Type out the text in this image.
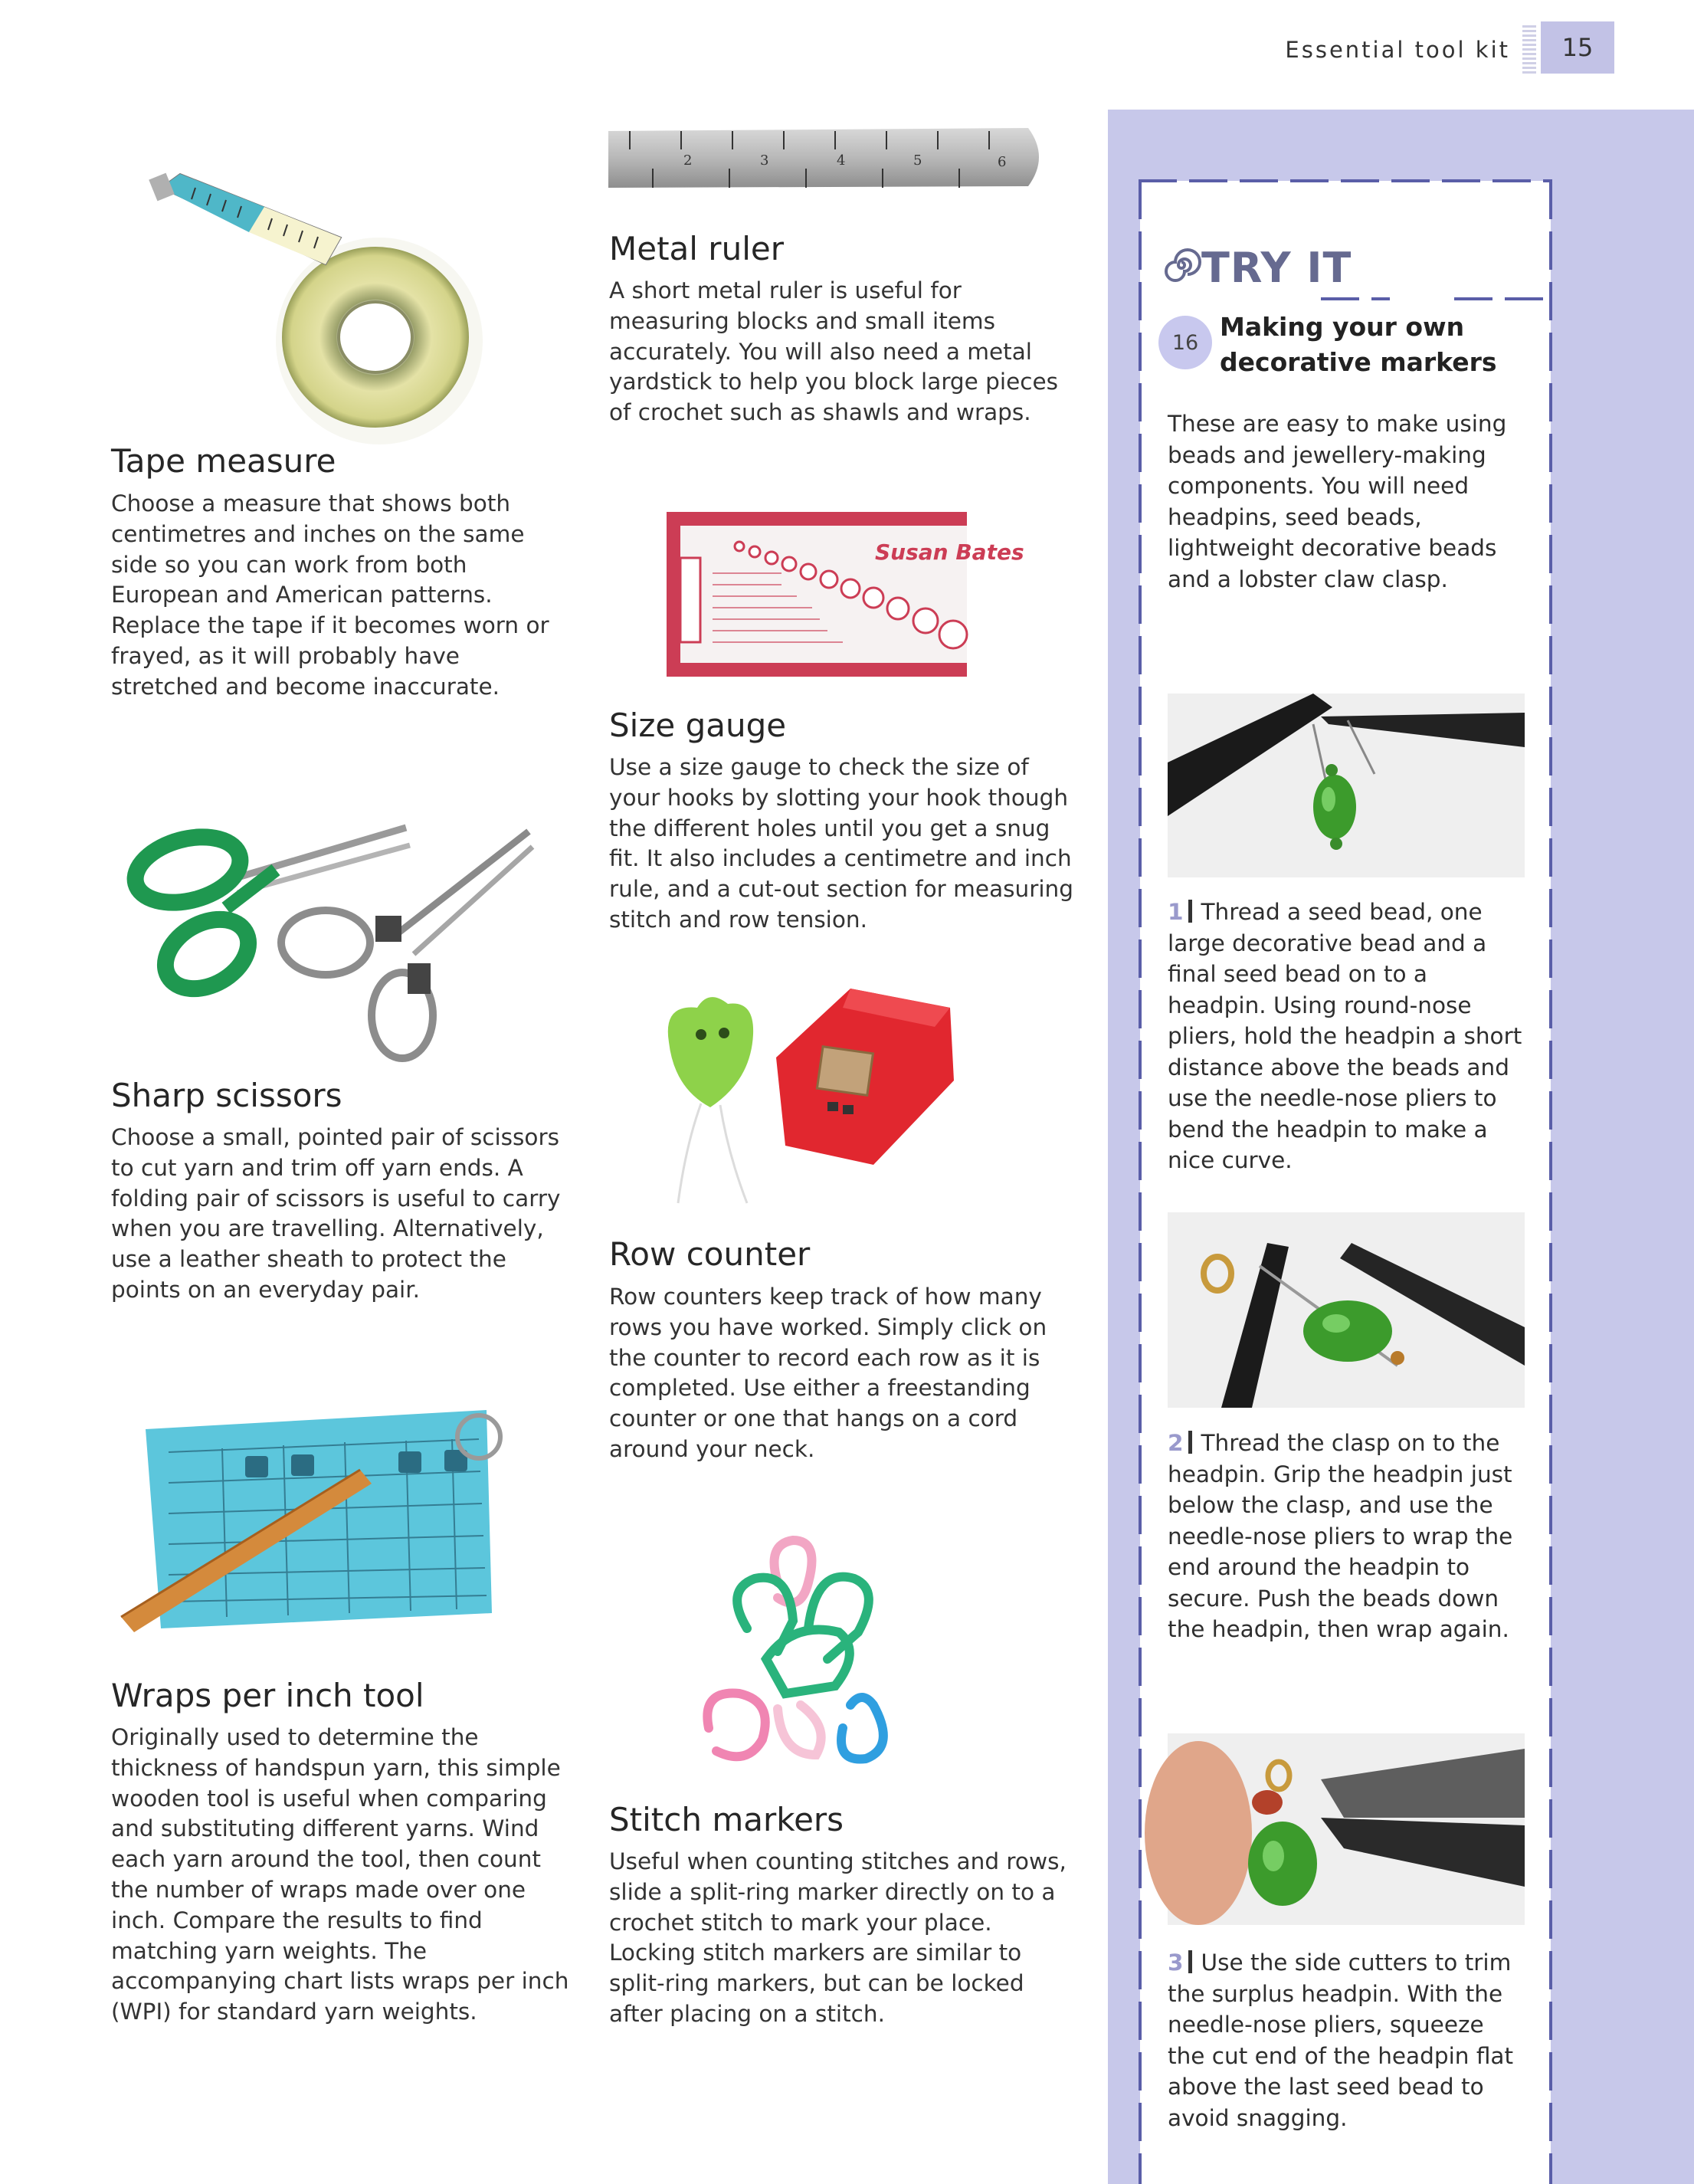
Essential tool kit	15
Tape measure

Choose a measure that shows both centimetres and inches on the same side so you can work from both European and American patterns. Replace the tape if it becomes worn or frayed, as it will probably have stretched and become inaccurate.

Sharp scissors

Choose a small, pointed pair of scissors to cut yarn and trim off yarn ends. A folding pair of scissors is useful to carry when you are travelling. Alternatively, use a leather sheath to protect the points on an everyday pair.

Wraps per inch tool

Originally used to determine the thickness of handspun yarn, this simple wooden tool is useful when comparing and substituting different yarns. Wind each yarn around the tool, then count the number of wraps made over one inch. Compare the results to find matching yarn weights. The accompanying chart lists wraps per inch (WPI) for standard yarn weights.

2	3	4	5	6
Metal ruler

A short metal ruler is useful for measuring blocks and small items accurately. You will also need a metal yardstick to help you block large pieces of crochet such as shawls and wraps.

Susan Bates
Size gauge

Use a size gauge to check the size of your hooks by slotting your hook though the different holes until you get a snug fit. It also includes a centimetre and inch rule, and a cut-out section for measuring stitch and row tension.

Row counter

Row counters keep track of how many rows you have worked. Simply click on the counter to record each row as it is completed. Use either a freestanding counter or one that hangs on a cord around your neck.

Stitch markers

Useful when counting stitches and rows, slide a split-ring marker directly on to a crochet stitch to mark your place. Locking stitch markers are similar to split-ring markers, but can be locked after placing on a stitch.

TRY IT
16
Making your own decorative markers

These are easy to make using beads and jewellery-making components. You will need headpins, seed beads, lightweight decorative beads and a lobster claw clasp.

1 Thread a seed bead, one large decorative bead and a final seed bead on to a headpin. Using round-nose pliers, hold the headpin a short distance above the beads and use the needle-nose pliers to bend the headpin to make a nice curve.

2 Thread the clasp on to the headpin. Grip the headpin just below the clasp, and use the needle-nose pliers to wrap the end around the headpin to secure. Push the beads down the headpin, then wrap again.

3 Use the side cutters to trim the surplus headpin. With the needle-nose pliers, squeeze the cut end of the headpin flat above the last seed bead to avoid snagging.
